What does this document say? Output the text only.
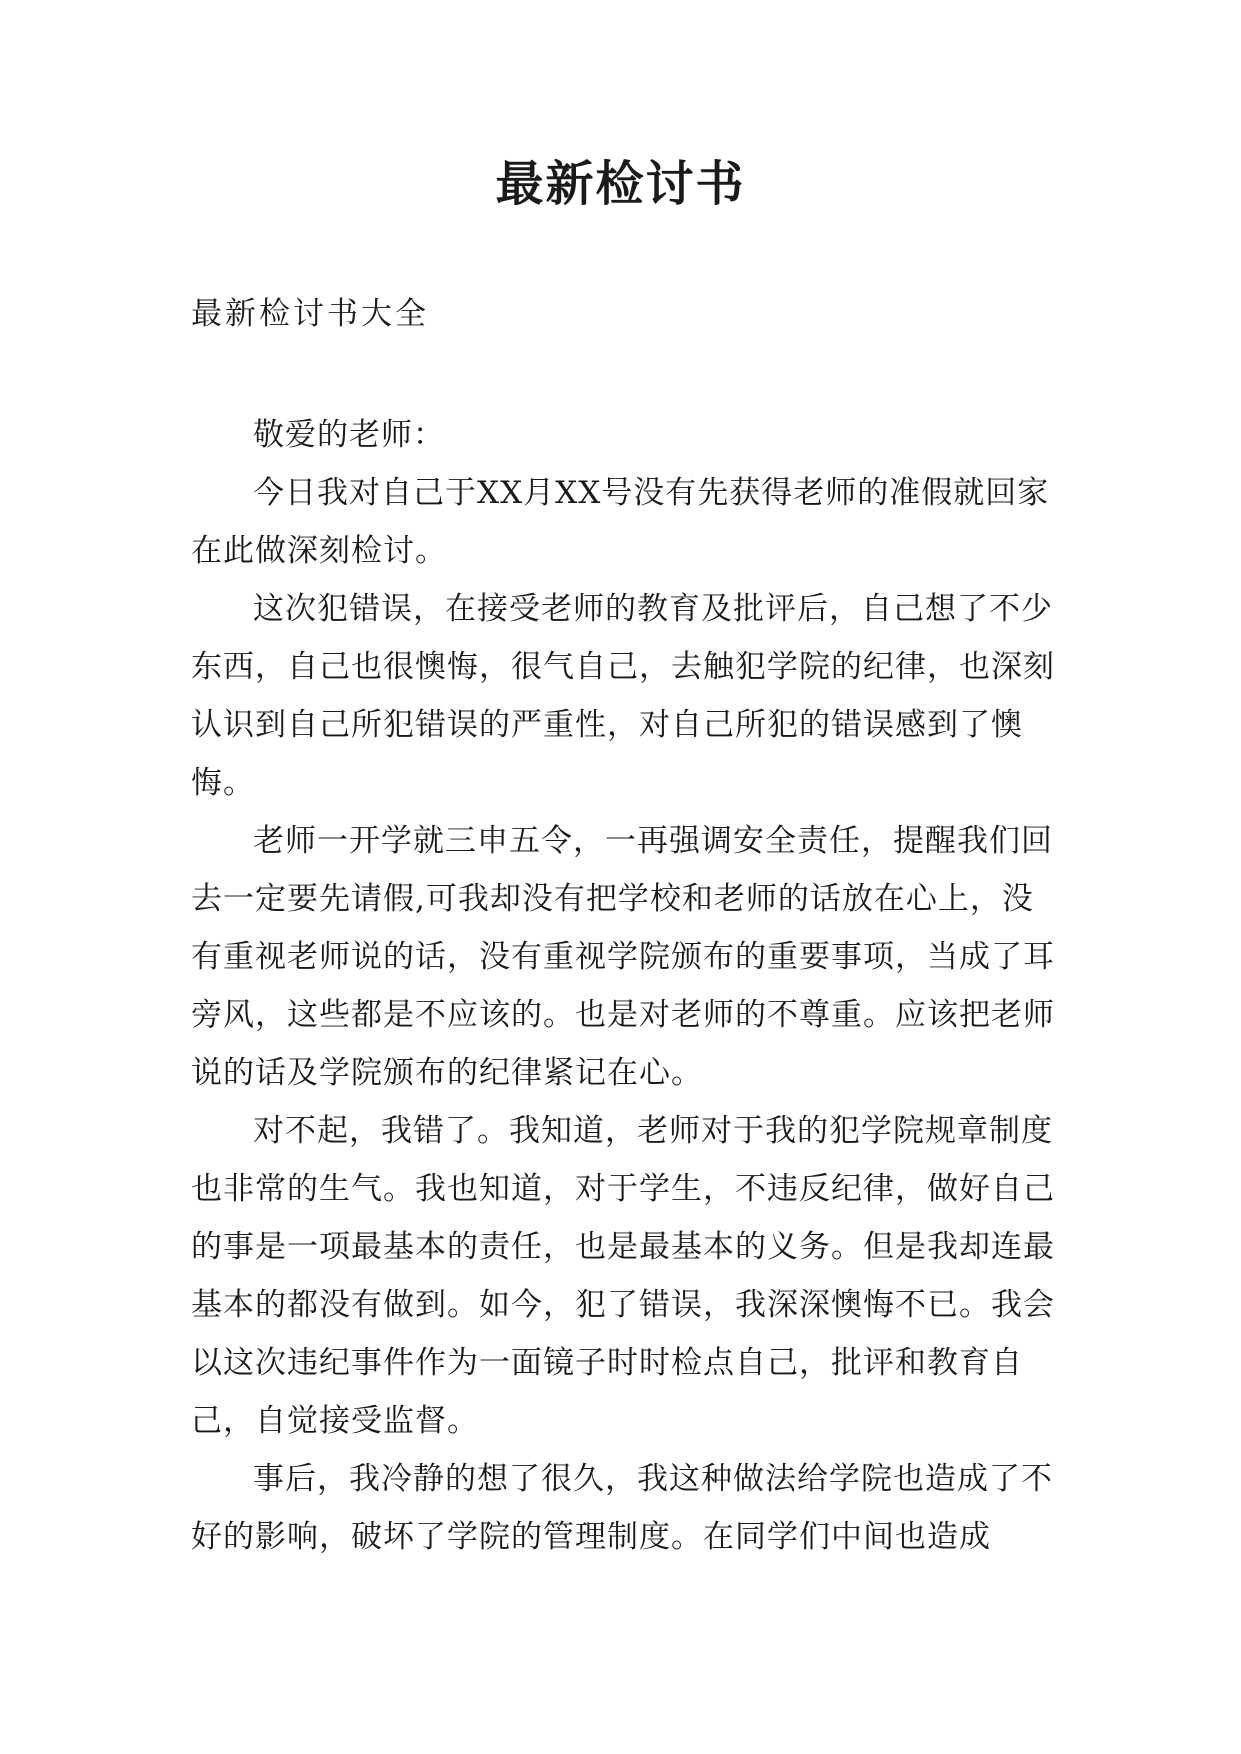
最新检讨书
最新检讨书大全

敬爱的老师：

今日我对自己于XX月XX号没有先获得老师的准假就回家在此做深刻检讨。

这次犯错误，在接受老师的教育及批评后，自己想了不少东西，自己也很懊悔，很气自己，去触犯学院的纪律，也深刻认识到自己所犯错误的严重性，对自己所犯的错误感到了懊悔。

老师一开学就三申五令，一再强调安全责任，提醒我们回去一定要先请假,可我却没有把学校和老师的话放在心上，没有重视老师说的话，没有重视学院颁布的重要事项，当成了耳旁风，这些都是不应该的。也是对老师的不尊重。应该把老师说的话及学院颁布的纪律紧记在心。

对不起，我错了。我知道，老师对于我的犯学院规章制度也非常的生气。我也知道，对于学生，不违反纪律，做好自己的事是一项最基本的责任，也是最基本的义务。但是我却连最基本的都没有做到。如今，犯了错误，我深深懊悔不已。我会以这次违纪事件作为一面镜子时时检点自己，批评和教育自己，自觉接受监督。

事后，我冷静的想了很久，我这种做法给学院也造成了不好的影响，破坏了学院的管理制度。在同学们中间也造成
